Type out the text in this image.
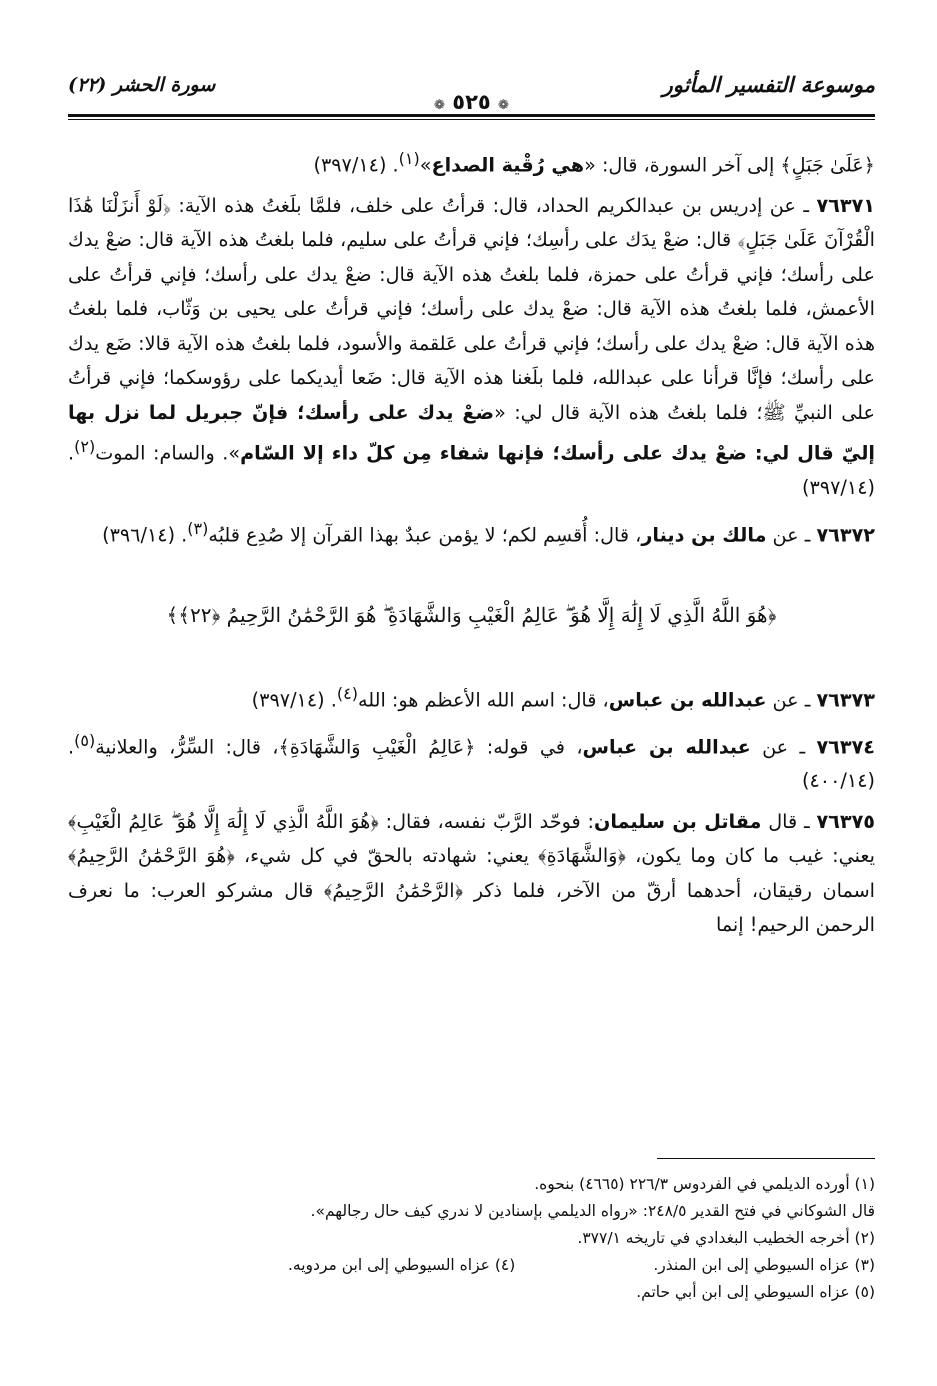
موسوعة التفسير المأثور
❁ ٥٢٥ ❁
سورة الحشر (٢٢)

﴿عَلَىٰ جَبَلٍ﴾ إلى آخر السورة، قال: «هي رُقْية الصداع»$^{(١)}$. (٣٩٧/١٤)

٧٦٣٧١ ـ عن إدريس بن عبدالكريم الحداد، قال: قرأتُ على خلف، فلمَّا بلَغتُ هذه الآية: ﴿لَوْ أَنزَلْنَا هَٰذَا الْقُرْآنَ عَلَىٰ جَبَلٍ﴾ قال: ضعْ يدَك على رأسِك؛ فإني قرأتُ على سليم، فلما بلغتُ هذه الآية قال: ضعْ يدك على رأسك؛ فإني قرأتُ على حمزة، فلما بلغتُ هذه الآية قال: ضعْ يدك على رأسك؛ فإني قرأتُ على الأعمش، فلما بلغتُ هذه الآية قال: ضعْ يدك على رأسك؛ فإني قرأتُ على يحيى بن وَثّاب، فلما بلغتُ هذه الآية قال: ضعْ يدك على رأسك؛ فإني قرأتُ على عَلقمة والأسود، فلما بلغتُ هذه الآية قالا: ضَع يدك على رأسك؛ فإنَّا قرأنا على عبدالله، فلما بلَغنا هذه الآية قال: ضَعا أيديكما على رؤوسكما؛ فإني قرأتُ على النبيِّ ﷺ؛ فلما بلغتُ هذه الآية قال لي: «ضعْ يدك على رأسك؛ فإنّ جبريل لما نزل بها إليّ قال لي: ضعْ يدك على رأسك؛ فإنها شفاء مِن كلّ داء إلا السّام». والسام: الموت$^{(٢)}$. (٣٩٧/١٤)

٧٦٣٧٢ ـ عن مالك بن دينار، قال: أُقسِم لكم؛ لا يؤمن عبدٌ بهذا القرآن إلا صُدِع قلبُه$^{(٣)}$. (٣٩٦/١٤)

﴿هُوَ اللَّهُ الَّذِي لَا إِلَٰهَ إِلَّا هُوَ ۖ عَالِمُ الْغَيْبِ وَالشَّهَادَةِ ۖ هُوَ الرَّحْمَٰنُ الرَّحِيمُ ﴿٢٢﴾﴾

٧٦٣٧٣ ـ عن عبدالله بن عباس، قال: اسم الله الأعظم هو: الله$^{(٤)}$. (٣٩٧/١٤)

٧٦٣٧٤ ـ عن عبدالله بن عباس، في قوله: ﴿عَالِمُ الْغَيْبِ وَالشَّهَادَةِ﴾، قال: السِّرُّ، والعلانية$^{(٥)}$. (٤٠٠/١٤)

٧٦٣٧٥ ـ قال مقاتل بن سليمان: فوحّد الرَّبّ نفسه، فقال: ﴿هُوَ اللَّهُ الَّذِي لَا إِلَٰهَ إِلَّا هُوَ ۖ عَالِمُ الْغَيْبِ﴾ يعني: غيب ما كان وما يكون، ﴿وَالشَّهَادَةِ﴾ يعني: شهادته بالحقّ في كل شيء، ﴿هُوَ الرَّحْمَٰنُ الرَّحِيمُ﴾ اسمان رقيقان، أحدهما أرقّ من الآخر، فلما ذكر ﴿الرَّحْمَٰنُ الرَّحِيمُ﴾ قال مشركو العرب: ما نعرف الرحمن الرحيم! إنما

(١) أورده الديلمي في الفردوس ٢٢٦/٣ (٤٦٦٥) بنحوه.

قال الشوكاني في فتح القدير ٢٤٨/٥: «رواه الديلمي بإسنادين لا ندري كيف حال رجالهم».

(٢) أخرجه الخطيب البغدادي في تاريخه ٣٧٧/١.

(٣) عزاه السيوطي إلى ابن المنذر.
(٤) عزاه السيوطي إلى ابن مردويه.

(٥) عزاه السيوطي إلى ابن أبي حاتم.
